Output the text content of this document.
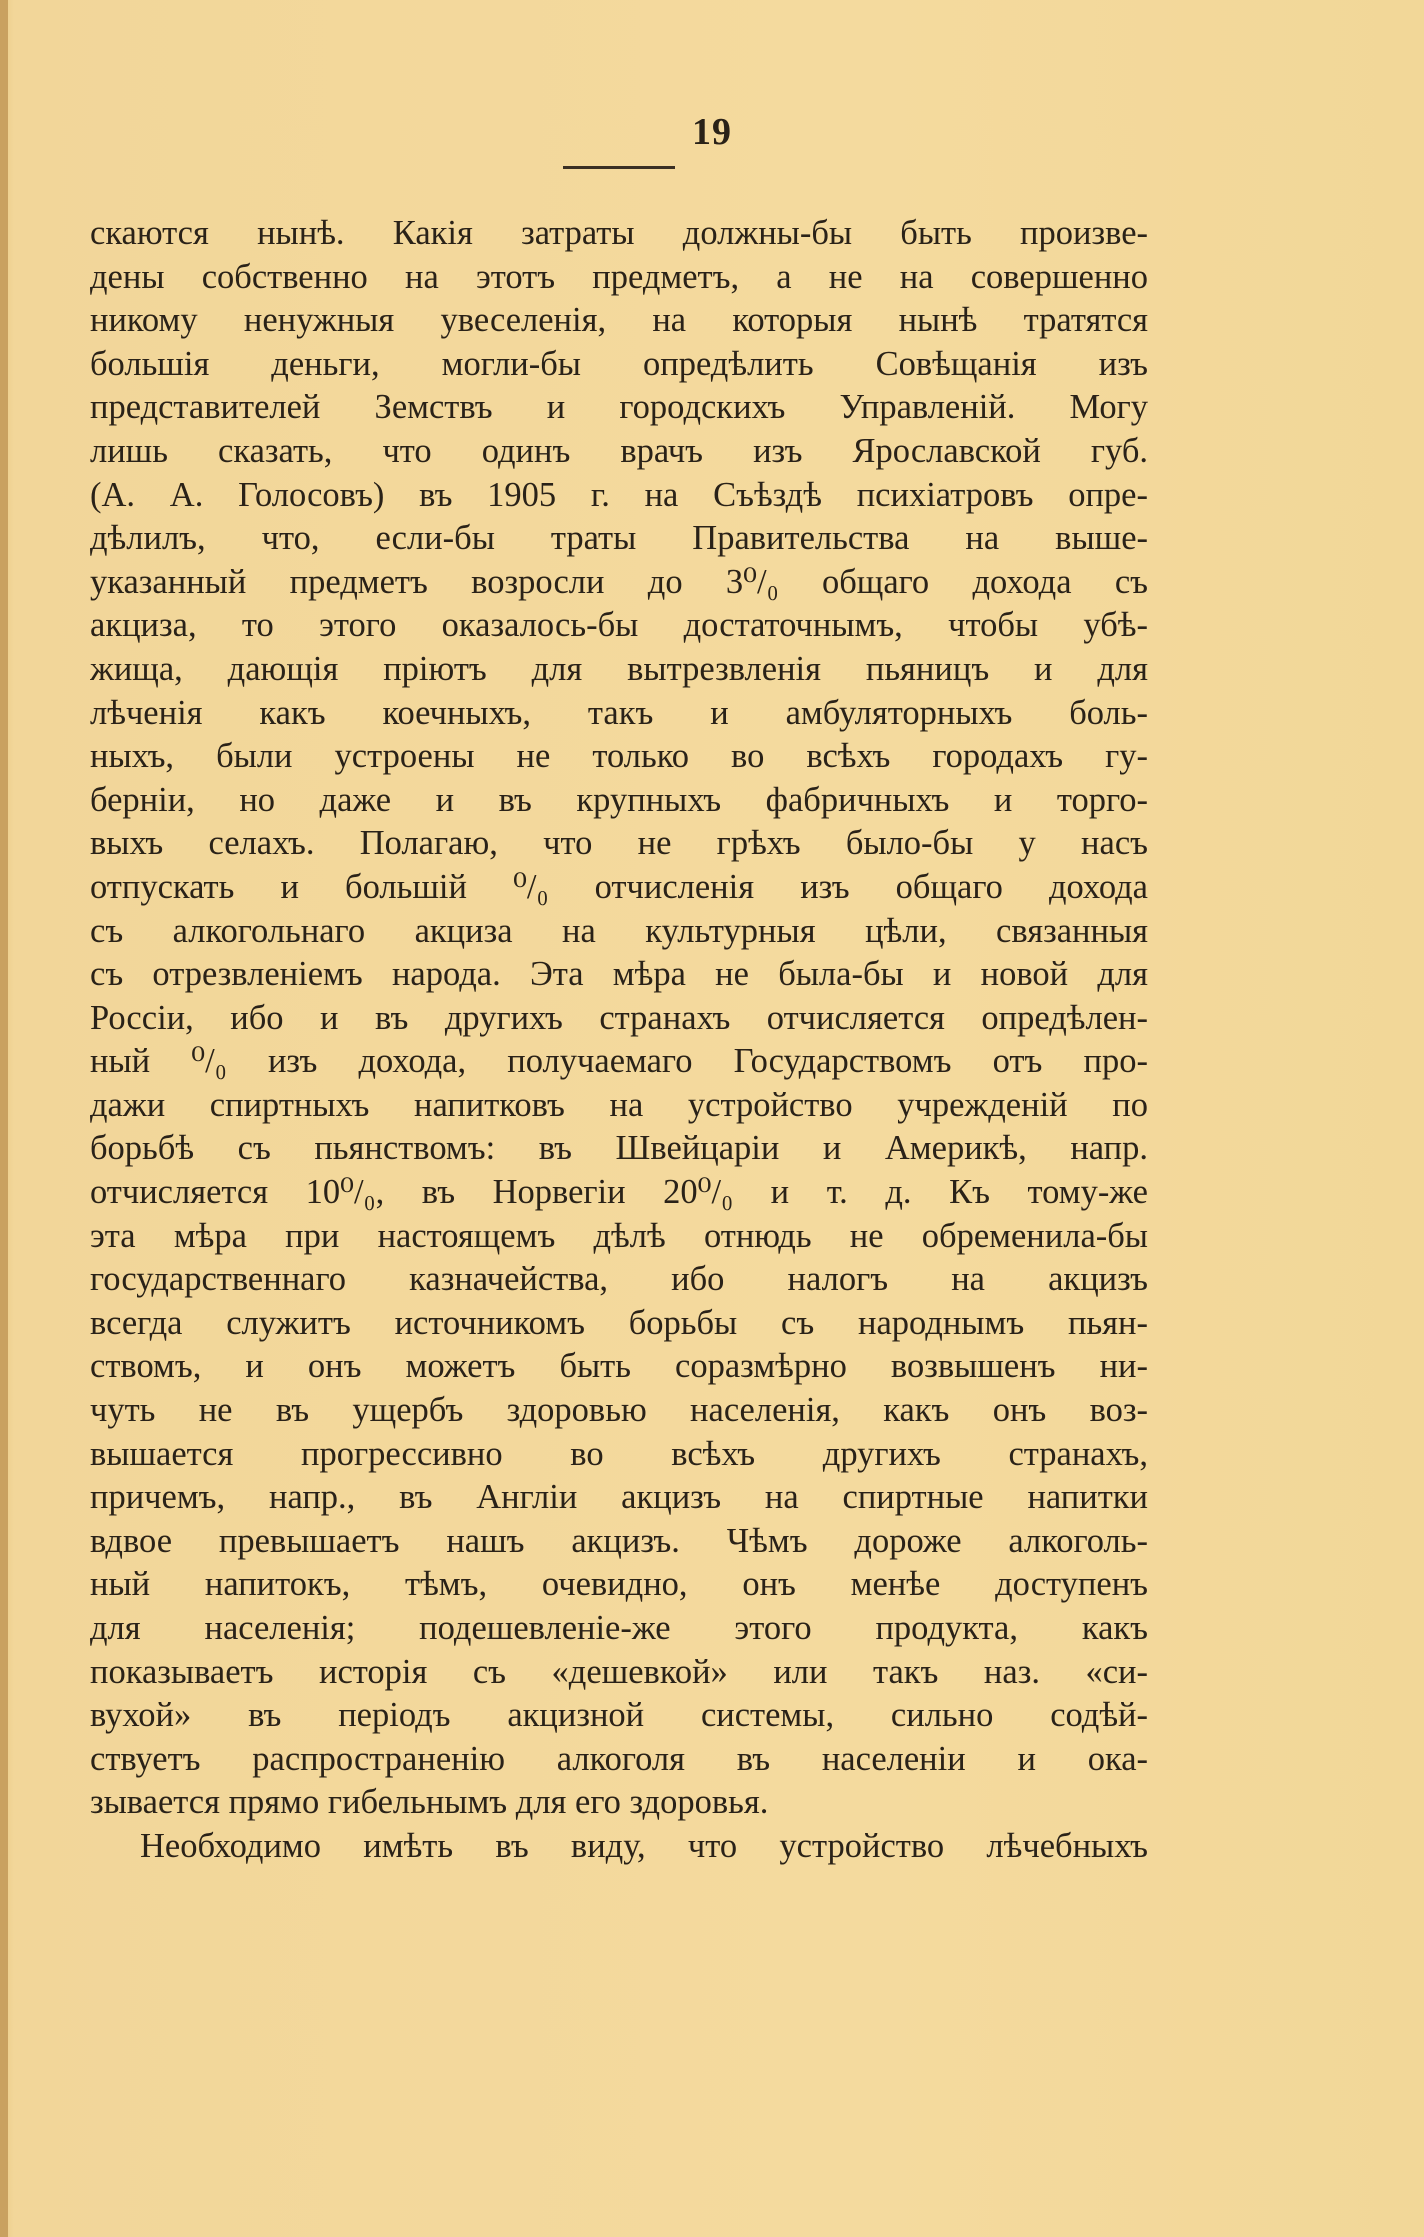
19
скаются нынѣ. Какія затраты должны-бы быть произве-
дены собственно на этотъ предметъ, а не на совершенно
никому ненужныя увеселенія, на которыя нынѣ тратятся
большія деньги, могли-бы опредѣлить Совѣщанія изъ
представителей Земствъ и городскихъ Управленій. Могу
лишь сказать, что одинъ врачъ изъ Ярославской губ.
(А. А. Голосовъ) въ 1905 г. на Съѣздѣ психіатровъ опре-
дѣлилъ, что, если-бы траты Правительства на выше-
указанный предметъ возросли до 3⁰/₀ общаго дохода съ
акциза, то этого оказалось-бы достаточнымъ, чтобы убѣ-
жища, дающія пріютъ для вытрезвленія пьяницъ и для
лѣченія какъ коечныхъ, такъ и амбуляторныхъ боль-
ныхъ, были устроены не только во всѣхъ городахъ гу-
берніи, но даже и въ крупныхъ фабричныхъ и торго-
выхъ селахъ. Полагаю, что не грѣхъ было-бы у насъ
отпускать и большій ⁰/₀ отчисленія изъ общаго дохода
съ алкогольнаго акциза на культурныя цѣли, связанныя
съ отрезвленіемъ народа. Эта мѣра не была-бы и новой для
Россіи, ибо и въ другихъ странахъ отчисляется опредѣлен-
ный ⁰/₀ изъ дохода, получаемаго Государствомъ отъ про-
дажи спиртныхъ напитковъ на устройство учрежденій по
борьбѣ съ пьянствомъ: въ Швейцаріи и Америкѣ, напр.
отчисляется 10⁰/₀, въ Норвегіи 20⁰/₀ и т. д. Къ тому-же
эта мѣра при настоящемъ дѣлѣ отнюдь не обременила-бы
государственнаго казначейства, ибо налогъ на акцизъ
всегда служитъ источникомъ борьбы съ народнымъ пьян-
ствомъ, и онъ можетъ быть соразмѣрно возвышенъ ни-
чуть не въ ущербъ здоровью населенія, какъ онъ воз-
вышается прогрессивно во всѣхъ другихъ странахъ,
причемъ, напр., въ Англіи акцизъ на спиртные напитки
вдвое превышаетъ нашъ акцизъ. Чѣмъ дороже алкоголь-
ный напитокъ, тѣмъ, очевидно, онъ менѣе доступенъ
для населенія; подешевленіе-же этого продукта, какъ
показываетъ исторія съ «дешевкой» или такъ наз. «си-
вухой» въ періодъ акцизной системы, сильно содѣй-
ствуетъ распространенію алкоголя въ населеніи и ока-
зывается прямо гибельнымъ для его здоровья.
Необходимо имѣть въ виду, что устройство лѣчебныхъ
